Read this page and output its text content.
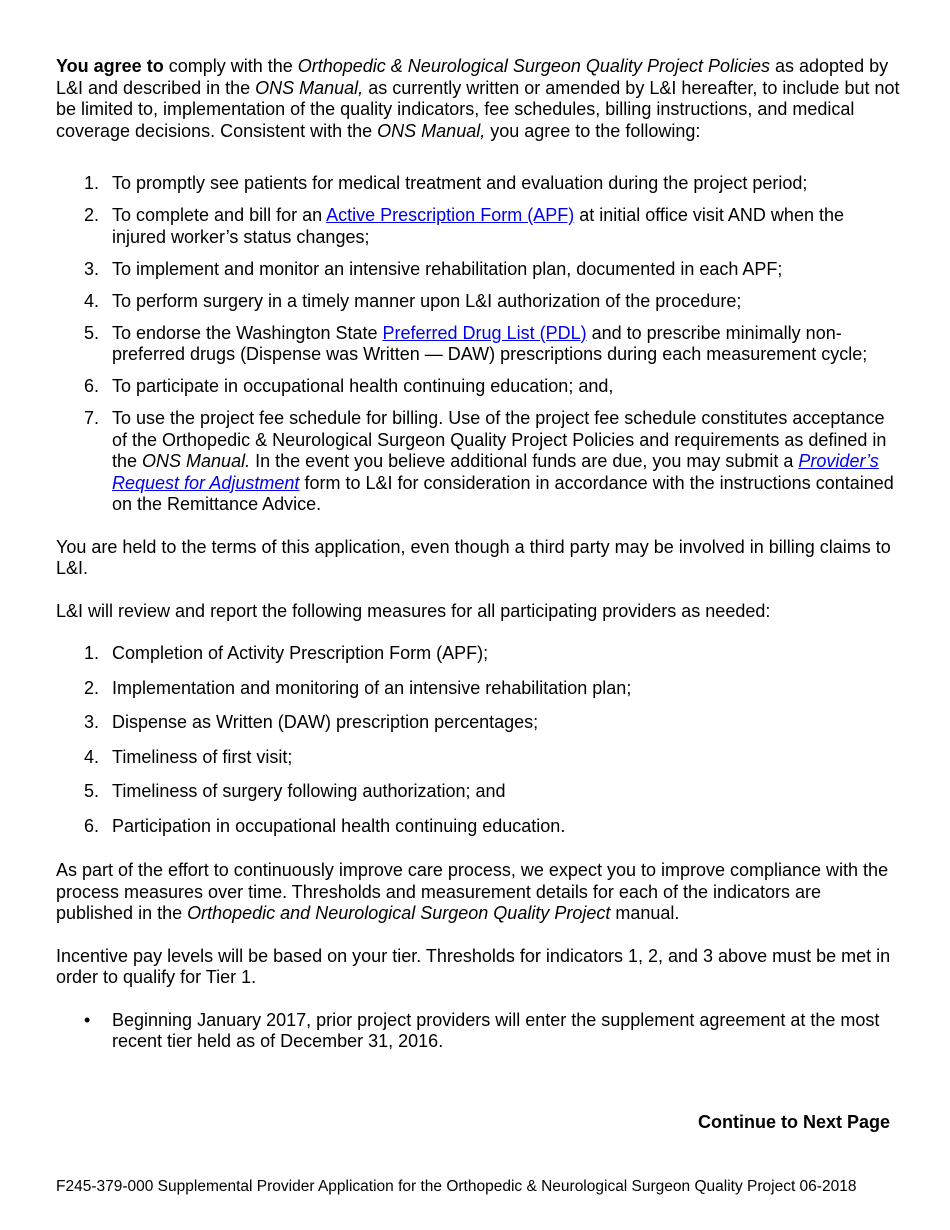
You agree to comply with the Orthopedic & Neurological Surgeon Quality Project Policies as adopted by L&I and described in the ONS Manual, as currently written or amended by L&I hereafter, to include but not be limited to, implementation of the quality indicators, fee schedules, billing instructions, and medical coverage decisions. Consistent with the ONS Manual, you agree to the following:

1. To promptly see patients for medical treatment and evaluation during the project period;
2. To complete and bill for an Active Prescription Form (APF) at initial office visit AND when the injured worker’s status changes;
3. To implement and monitor an intensive rehabilitation plan, documented in each APF;
4. To perform surgery in a timely manner upon L&I authorization of the procedure;
5. To endorse the Washington State Preferred Drug List (PDL) and to prescribe minimally non-preferred drugs (Dispense was Written — DAW) prescriptions during each measurement cycle;
6. To participate in occupational health continuing education; and,
7. To use the project fee schedule for billing. Use of the project fee schedule constitutes acceptance of the Orthopedic & Neurological Surgeon Quality Project Policies and requirements as defined in the ONS Manual. In the event you believe additional funds are due, you may submit a Provider’s Request for Adjustment form to L&I for consideration in accordance with the instructions contained on the Remittance Advice.

You are held to the terms of this application, even though a third party may be involved in billing claims to L&I.

L&I will review and report the following measures for all participating providers as needed:

1. Completion of Activity Prescription Form (APF);
2. Implementation and monitoring of an intensive rehabilitation plan;
3. Dispense as Written (DAW) prescription percentages;
4. Timeliness of first visit;
5. Timeliness of surgery following authorization; and
6. Participation in occupational health continuing education.

As part of the effort to continuously improve care process, we expect you to improve compliance with the process measures over time. Thresholds and measurement details for each of the indicators are published in the Orthopedic and Neurological Surgeon Quality Project manual.

Incentive pay levels will be based on your tier. Thresholds for indicators 1, 2, and 3 above must be met in order to qualify for Tier 1.

• Beginning January 2017, prior project providers will enter the supplement agreement at the most recent tier held as of December 31, 2016.
Continue to Next Page
F245-379-000 Supplemental Provider Application for the Orthopedic & Neurological Surgeon Quality Project 06-2018
